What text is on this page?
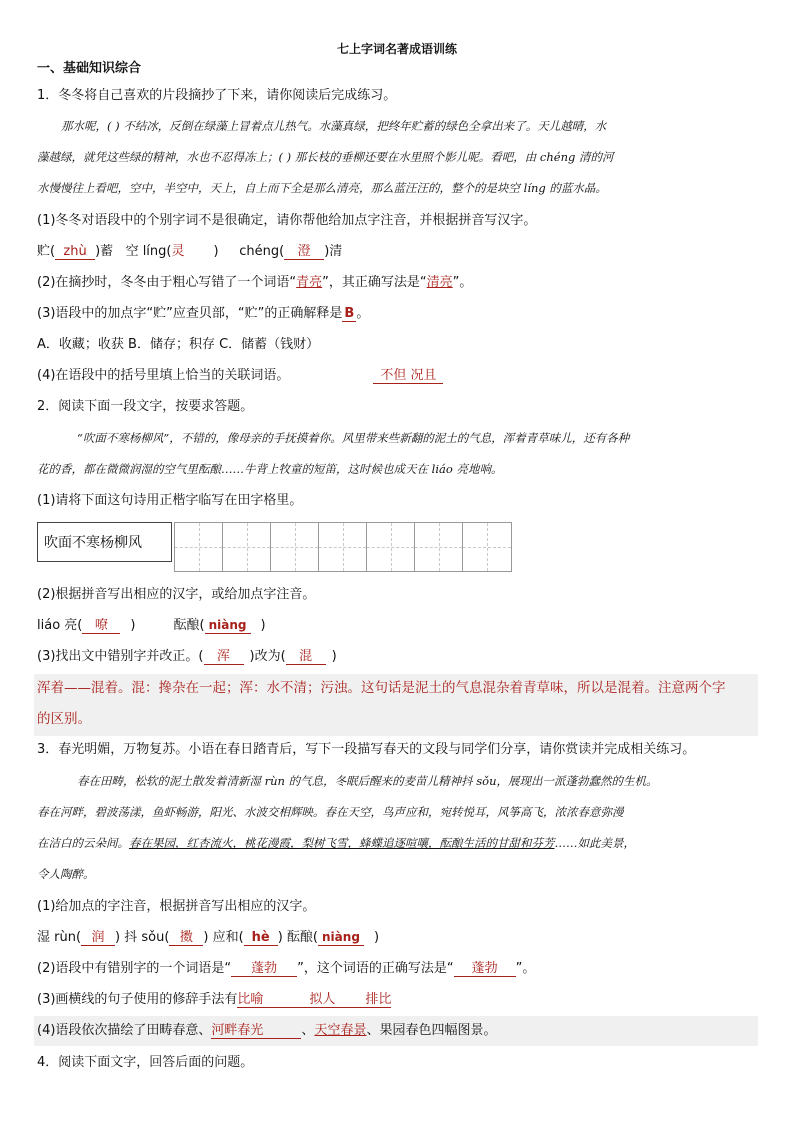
七上字词名著成语训练
一、基础知识综合
1．冬冬将自己喜欢的片段摘抄了下来，请你阅读后完成练习。

那水呢，( ) 不结冰，反倒在绿藻上冒着点儿热气。水藻真绿，把终年贮蓄的绿色全拿出来了。天儿越晴，水

藻越绿，就凭这些绿的精神，水也不忍得冻上；( ) 那长枝的垂柳还要在水里照个影儿呢。看吧，由 chéng 清的河

水慢慢往上看吧，空中，半空中，天上，自上而下全是那么清亮，那么蓝汪汪的，整个的是块空 líng 的蓝水晶。

(1)冬冬对语段中的个别字词不是很确定，请你帮他给加点字注音，并根据拼音写汉字。
贮( zhù )蓄 空 líng(灵 ) chéng( 澄 )清
(2)在摘抄时，冬冬由于粗心写错了一个词语“青亮”，其正确写法是“清亮”。
(3)语段中的加点字“贮”应查贝部，“贮”的正确解释是 B 。
A．收藏；收获 B．储存；积存 C．储蓄（钱财）
(4)在语段中的括号里填上恰当的关联词语。	不但 况且
2．阅读下面一段文字，按要求答题。

“吹面不寒杨柳风”，不错的，像母亲的手抚摸着你。风里带来些新翻的泥土的气息，浑着青草味儿，还有各种

花的香，都在微微润湿的空气里酝酿……牛背上牧童的短笛，这时候也成天在 liáo 亮地响。

(1)请将下面这句诗用正楷字临写在田字格里。
吹面不寒杨柳风
(2)根据拼音写出相应的汉字，或给加点字注音。
liáo 亮( 嘹 )	酝酿( niàng )
(3)找出文中错别字并改正。( 浑 )改为( 混 )
浑着——混着。混：搀杂在一起；浑：水不清；污浊。这句话是泥土的气息混杂着青草味，所以是混着。注意两个字
的区别。
3．春光明媚，万物复苏。小语在春日踏青后，写下一段描写春天的文段与同学们分享，请你赏读并完成相关练习。

春在田畴，松软的泥土散发着清新湿 rùn 的气息，冬眠后醒来的麦苗儿精神抖 sǒu，展现出一派蓬勃蠢然的生机。

春在河畔，碧波荡漾，鱼虾畅游，阳光、水波交相辉映。春在天空，鸟声应和，宛转悦耳，风筝高飞，浓浓春意弥漫

在洁白的云朵间。春在果园，红杏流火，桃花漫霞，梨树飞雪，蜂蝶追逐喧嚷，酝酿生活的甘甜和芬芳……如此美景，

令人陶醉。

(1)给加点的字注音，根据拼音写出相应的汉字。
湿 rùn( 润 ) 抖 sǒu( 擞 ) 应和( hè ) 酝酿( niàng )
(2)语段中有错别字的一个词语是“ 蓬勃 ”，这个词语的正确写法是“ 蓬勃 ”。
(3)画横线的句子使用的修辞手法有比喻	拟人 排比
(4)语段依次描绘了田畴春意、河畔春光	、天空春景、果园春色四幅图景。
4．阅读下面文字，回答后面的问题。
